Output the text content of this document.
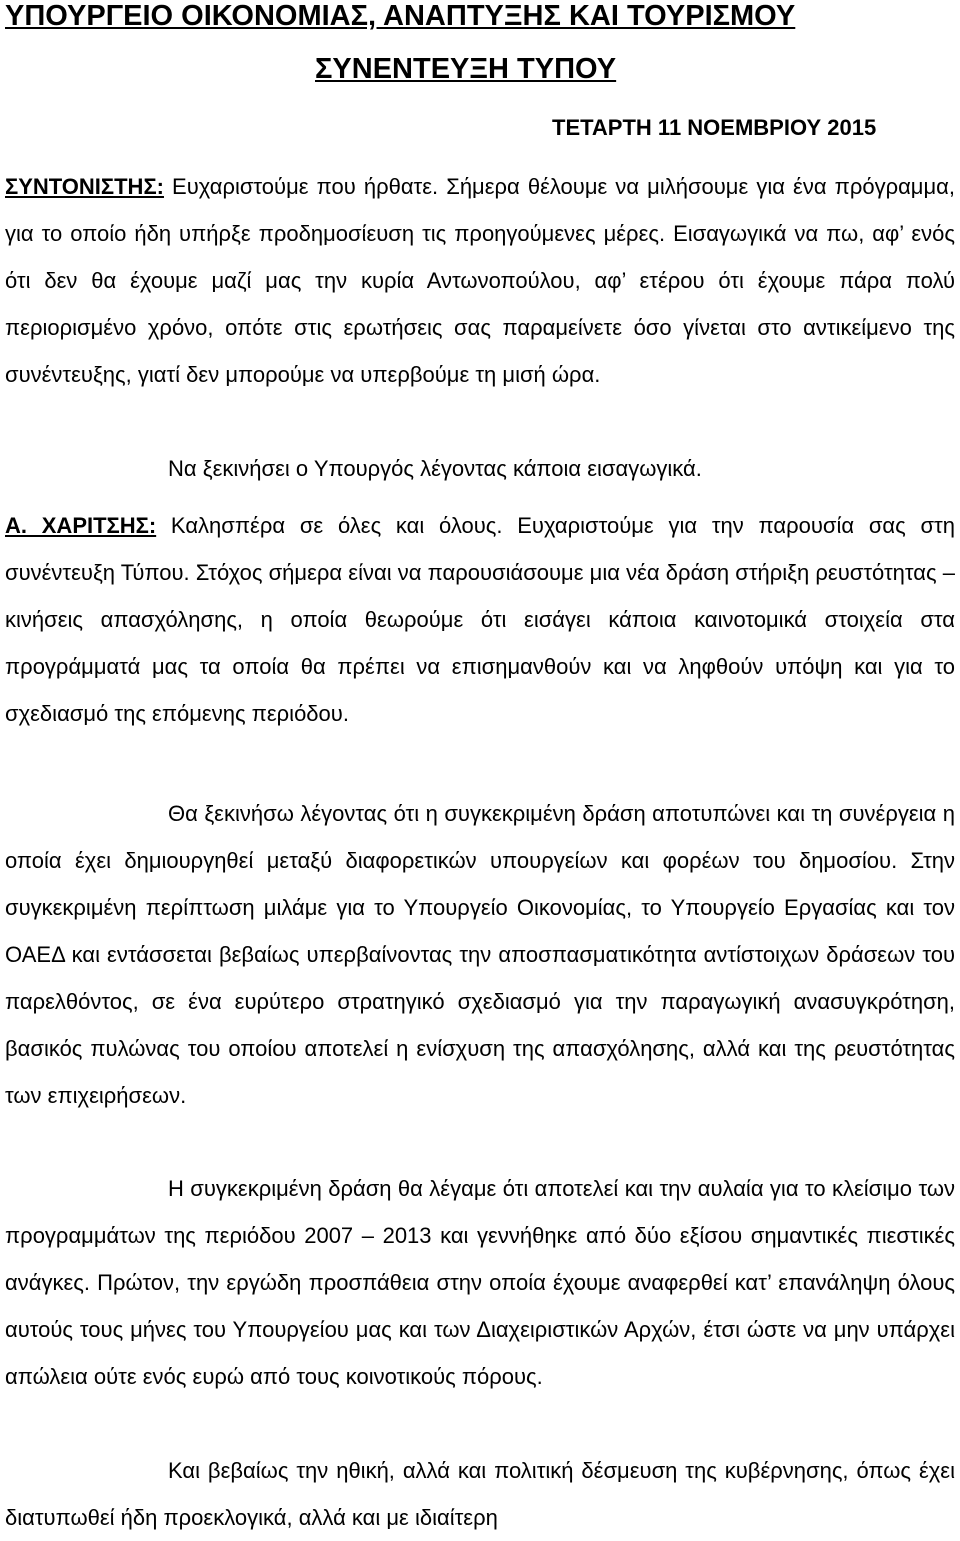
ΥΠΟΥΡΓΕΙΟ ΟΙΚΟΝΟΜΙΑΣ, ΑΝΑΠΤΥΞΗΣ ΚΑΙ ΤΟΥΡΙΣΜΟΥ
ΣΥΝΕΝΤΕΥΞΗ ΤΥΠΟΥ
ΤΕΤΑΡΤΗ 11 ΝΟΕΜΒΡΙΟΥ 2015

ΣΥΝΤΟΝΙΣΤΗΣ: Ευχαριστούμε που ήρθατε. Σήμερα θέλουμε να μιλήσουμε για ένα πρόγραμμα, για το οποίο ήδη υπήρξε προδημοσίευση τις προηγούμενες μέρες. Εισαγωγικά να πω, αφ’ ενός ότι δεν θα έχουμε μαζί μας την κυρία Αντωνοπούλου, αφ’ ετέρου ότι έχουμε πάρα πολύ περιορισμένο χρόνο, οπότε στις ερωτήσεις σας παραμείνετε όσο γίνεται στο αντικείμενο της συνέντευξης, γιατί δεν μπορούμε να υπερβούμε τη μισή ώρα.

Να ξεκινήσει ο Υπουργός λέγοντας κάποια εισαγωγικά.

Α. ΧΑΡΙΤΣΗΣ: Καλησπέρα σε όλες και όλους. Ευχαριστούμε για την παρουσία σας στη συνέντευξη Τύπου. Στόχος σήμερα είναι να παρουσιάσουμε μια νέα δράση στήριξη ρευστότητας – κινήσεις απασχόλησης, η οποία θεωρούμε ότι εισάγει κάποια καινοτομικά στοιχεία στα προγράμματά μας τα οποία θα πρέπει να επισημανθούν και να ληφθούν υπόψη και για το σχεδιασμό της επόμενης περιόδου.

Θα ξεκινήσω λέγοντας ότι η συγκεκριμένη δράση αποτυπώνει και τη συνέργεια η οποία έχει δημιουργηθεί μεταξύ διαφορετικών υπουργείων και φορέων του δημοσίου. Στην συγκεκριμένη περίπτωση μιλάμε για το Υπουργείο Οικονομίας, το Υπουργείο Εργασίας και τον ΟΑΕΔ και εντάσσεται βεβαίως υπερβαίνοντας την αποσπασματικότητα αντίστοιχων δράσεων του παρελθόντος, σε ένα ευρύτερο στρατηγικό σχεδιασμό για την παραγωγική ανασυγκρότηση, βασικός πυλώνας του οποίου αποτελεί η ενίσχυση της απασχόλησης, αλλά και της ρευστότητας των επιχειρήσεων.

Η συγκεκριμένη δράση θα λέγαμε ότι αποτελεί και την αυλαία για το κλείσιμο των προγραμμάτων της περιόδου 2007 – 2013 και γεννήθηκε από δύο εξίσου σημαντικές πιεστικές ανάγκες. Πρώτον, την εργώδη προσπάθεια στην οποία έχουμε αναφερθεί κατ’ επανάληψη όλους αυτούς τους μήνες του Υπουργείου μας και των Διαχειριστικών Αρχών, έτσι ώστε να μην υπάρχει απώλεια ούτε ενός ευρώ από τους κοινοτικούς πόρους.

Και βεβαίως την ηθική, αλλά και πολιτική δέσμευση της κυβέρνησης, όπως έχει διατυπωθεί ήδη προεκλογικά, αλλά και με ιδιαίτερη
